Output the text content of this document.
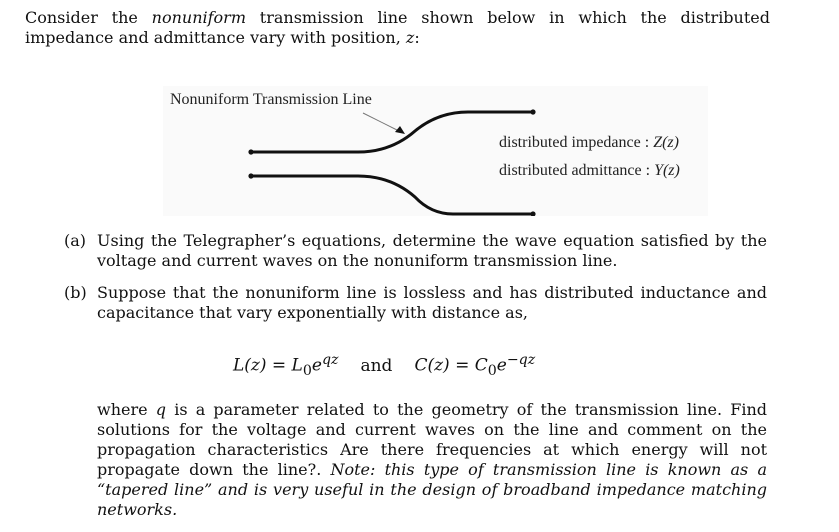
Consider the nonuniform transmission line shown below in which the distributed impedance and admittance vary with position, z:
Nonuniform Transmission Line
distributed impedance : Z(z)
distributed admittance : Y(z)
(a) Using the Telegrapher’s equations, determine the wave equation satisfied by the voltage and current waves on the nonuniform transmission line.
(b) Suppose that the nonuniform line is lossless and has distributed inductance and capacitance that vary exponentially with distance as,
$L(z) = L_0e^{qz}$ and $C(z) = C_0e^{-qz}$
where q is a parameter related to the geometry of the transmission line. Find solutions for the voltage and current waves on the line and comment on the propagation characteristics Are there frequencies at which energy will not propagate down the line?. Note: this type of transmission line is known as a “tapered line” and is very useful in the design of broadband impedance matching networks.
